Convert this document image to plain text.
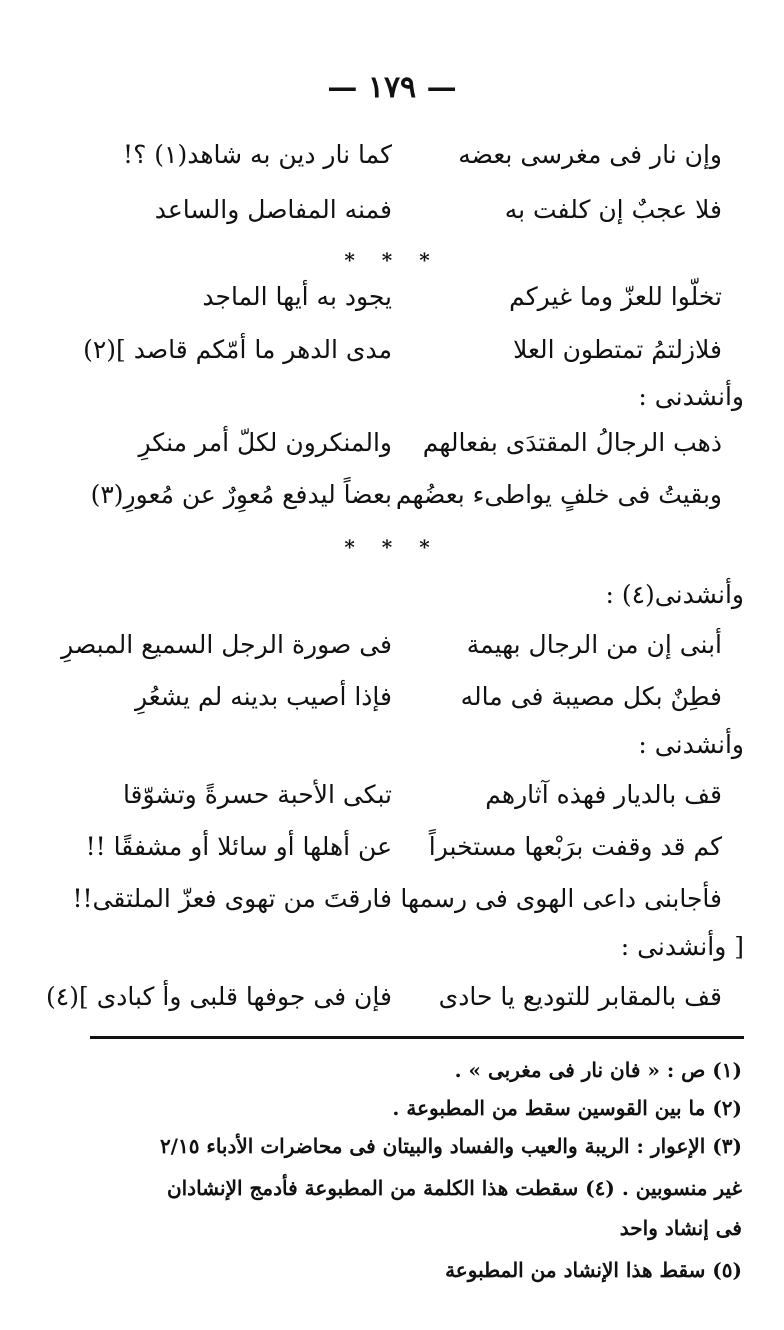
— ١٧٩ —
وإن نار فى مغرسى بعضه
كما نار دين به شاهد(١) ؟!
فلا عجبٌ إن كلفت به
فمنه المفاصل والساعد
* * *
تخلّوا للعزّ وما غيركم
يجود به أيها الماجد
فلازلتمُ تمتطون العلا
مدى الدهر ما أمّكم قاصد ](٢)
وأنشدنى :
ذهب الرجالُ المقتدَى بفعالهم
والمنكرون لكلّ أمر منكرِ
وبقيتُ فى خلفٍ يواطىء بعضُهم
بعضاً ليدفع مُعوِرٌ عن مُعورِ(٣)
* * *
وأنشدنى(٤) :
أبنى إن من الرجال بهيمة
فى صورة الرجل السميع المبصرِ
فطِنٌ بكل مصيبة فى ماله
فإذا أصيب بدينه لم يشعُرِ
وأنشدنى :
قف بالديار فهذه آثارهم
تبكى الأحبة حسرةً وتشوّقا
كم قد وقفت برَبْعها مستخبراً
عن أهلها أو سائلا أو مشفقًا !!
فأجابنى داعى الهوى فى رسمها
فارقتَ من تهوى فعزّ الملتقى!!
[ وأنشدنى :
قف بالمقابر للتوديع يا حادى
فإن فى جوفها قلبى وأ كبادى ](٤)
(١) ص : « فان نار فى مغربى » .
(٢) ما بين القوسين سقط من المطبوعة .
(٣) الإعوار : الريبة والعيب والفساد والبيتان فى محاضرات الأدباء ٢/١٥
غير منسوبين . (٤) سقطت هذا الكلمة من المطبوعة فأدمج الإنشادان
فى إنشاد واحد
(٥) سقط هذا الإنشاد من المطبوعة
